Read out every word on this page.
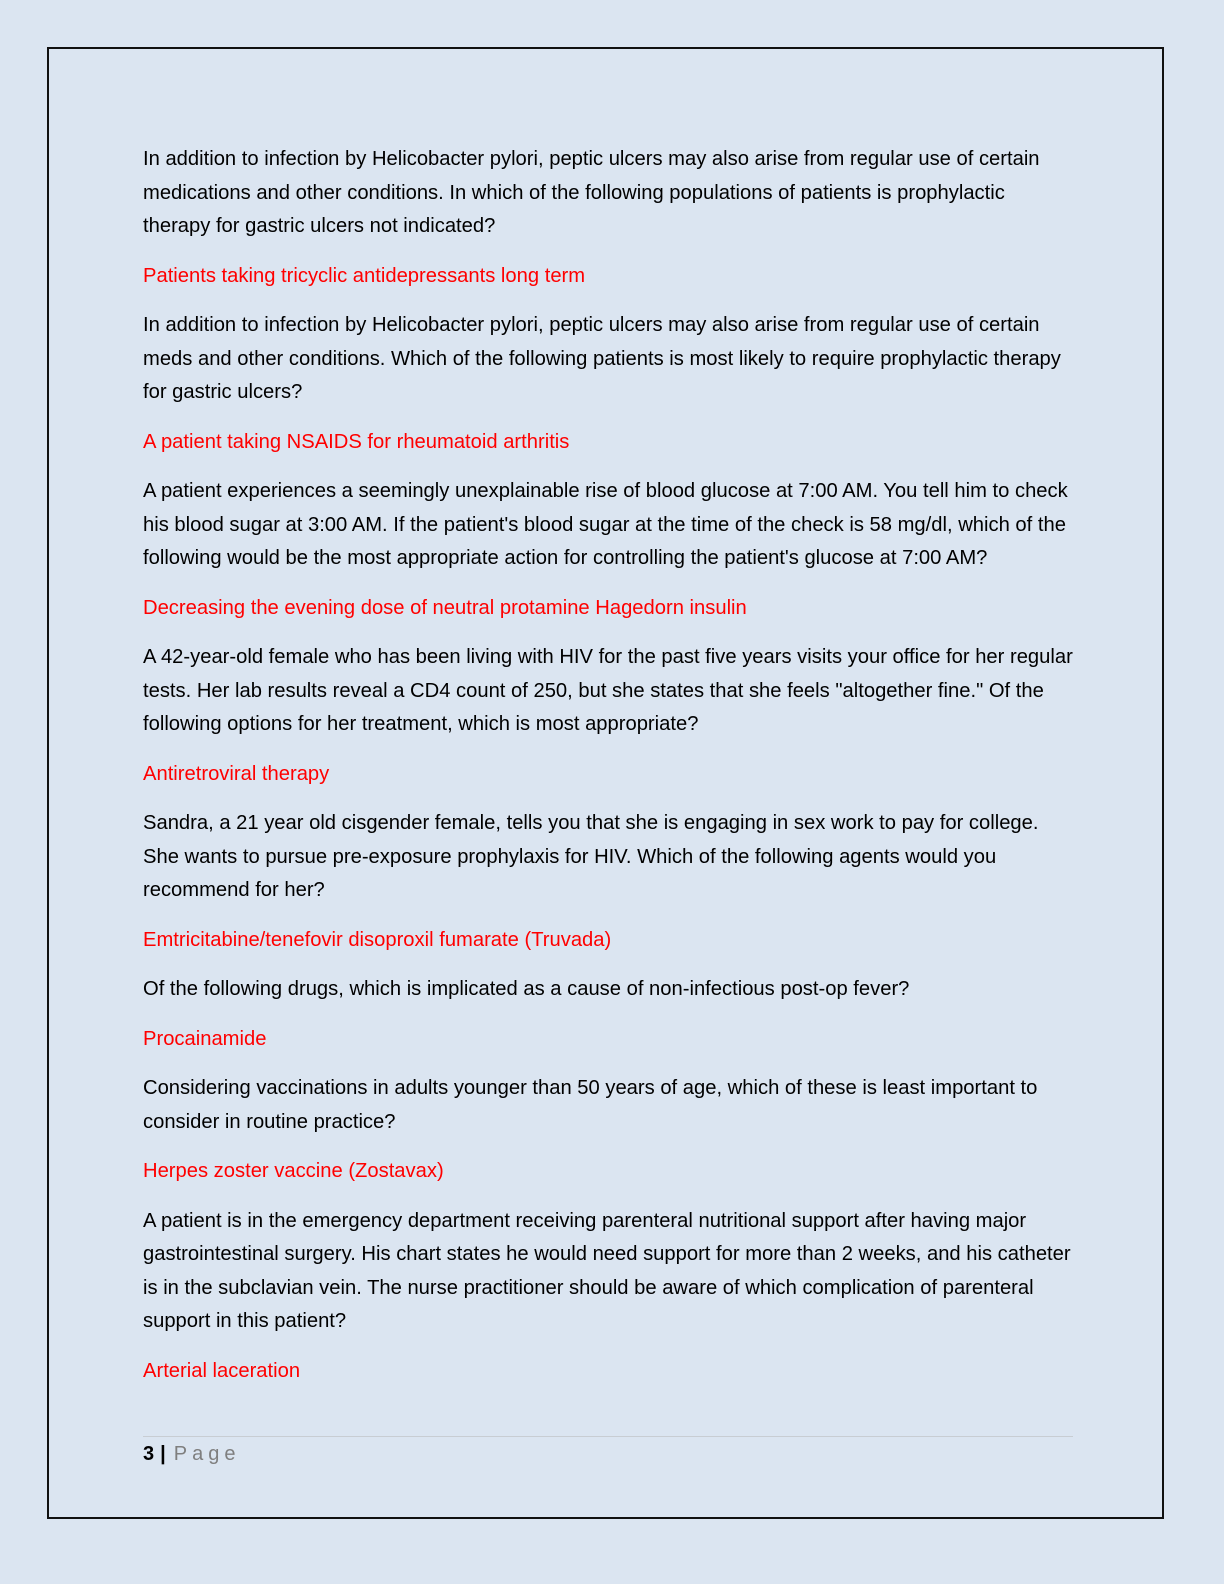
In addition to infection by Helicobacter pylori, peptic ulcers may also arise from regular use of certain medications and other conditions. In which of the following populations of patients is prophylactic therapy for gastric ulcers not indicated?

Patients taking tricyclic antidepressants long term

In addition to infection by Helicobacter pylori, peptic ulcers may also arise from regular use of certain meds and other conditions. Which of the following patients is most likely to require prophylactic therapy for gastric ulcers?

A patient taking NSAIDS for rheumatoid arthritis

A patient experiences a seemingly unexplainable rise of blood glucose at 7:00 AM. You tell him to check his blood sugar at 3:00 AM. If the patient's blood sugar at the time of the check is 58 mg/dl, which of the following would be the most appropriate action for controlling the patient's glucose at 7:00 AM?

Decreasing the evening dose of neutral protamine Hagedorn insulin

A 42-year-old female who has been living with HIV for the past five years visits your office for her regular tests. Her lab results reveal a CD4 count of 250, but she states that she feels "altogether fine." Of the following options for her treatment, which is most appropriate?

Antiretroviral therapy

Sandra, a 21 year old cisgender female, tells you that she is engaging in sex work to pay for college. She wants to pursue pre-exposure prophylaxis for HIV. Which of the following agents would you recommend for her?

Emtricitabine/tenefovir disoproxil fumarate (Truvada)

Of the following drugs, which is implicated as a cause of non-infectious post-op fever?

Procainamide

Considering vaccinations in adults younger than 50 years of age, which of these is least important to consider in routine practice?

Herpes zoster vaccine (Zostavax)

A patient is in the emergency department receiving parenteral nutritional support after having major gastrointestinal surgery. His chart states he would need support for more than 2 weeks, and his catheter is in the subclavian vein. The nurse practitioner should be aware of which complication of parenteral support in this patient?

Arterial laceration

3 | Page
